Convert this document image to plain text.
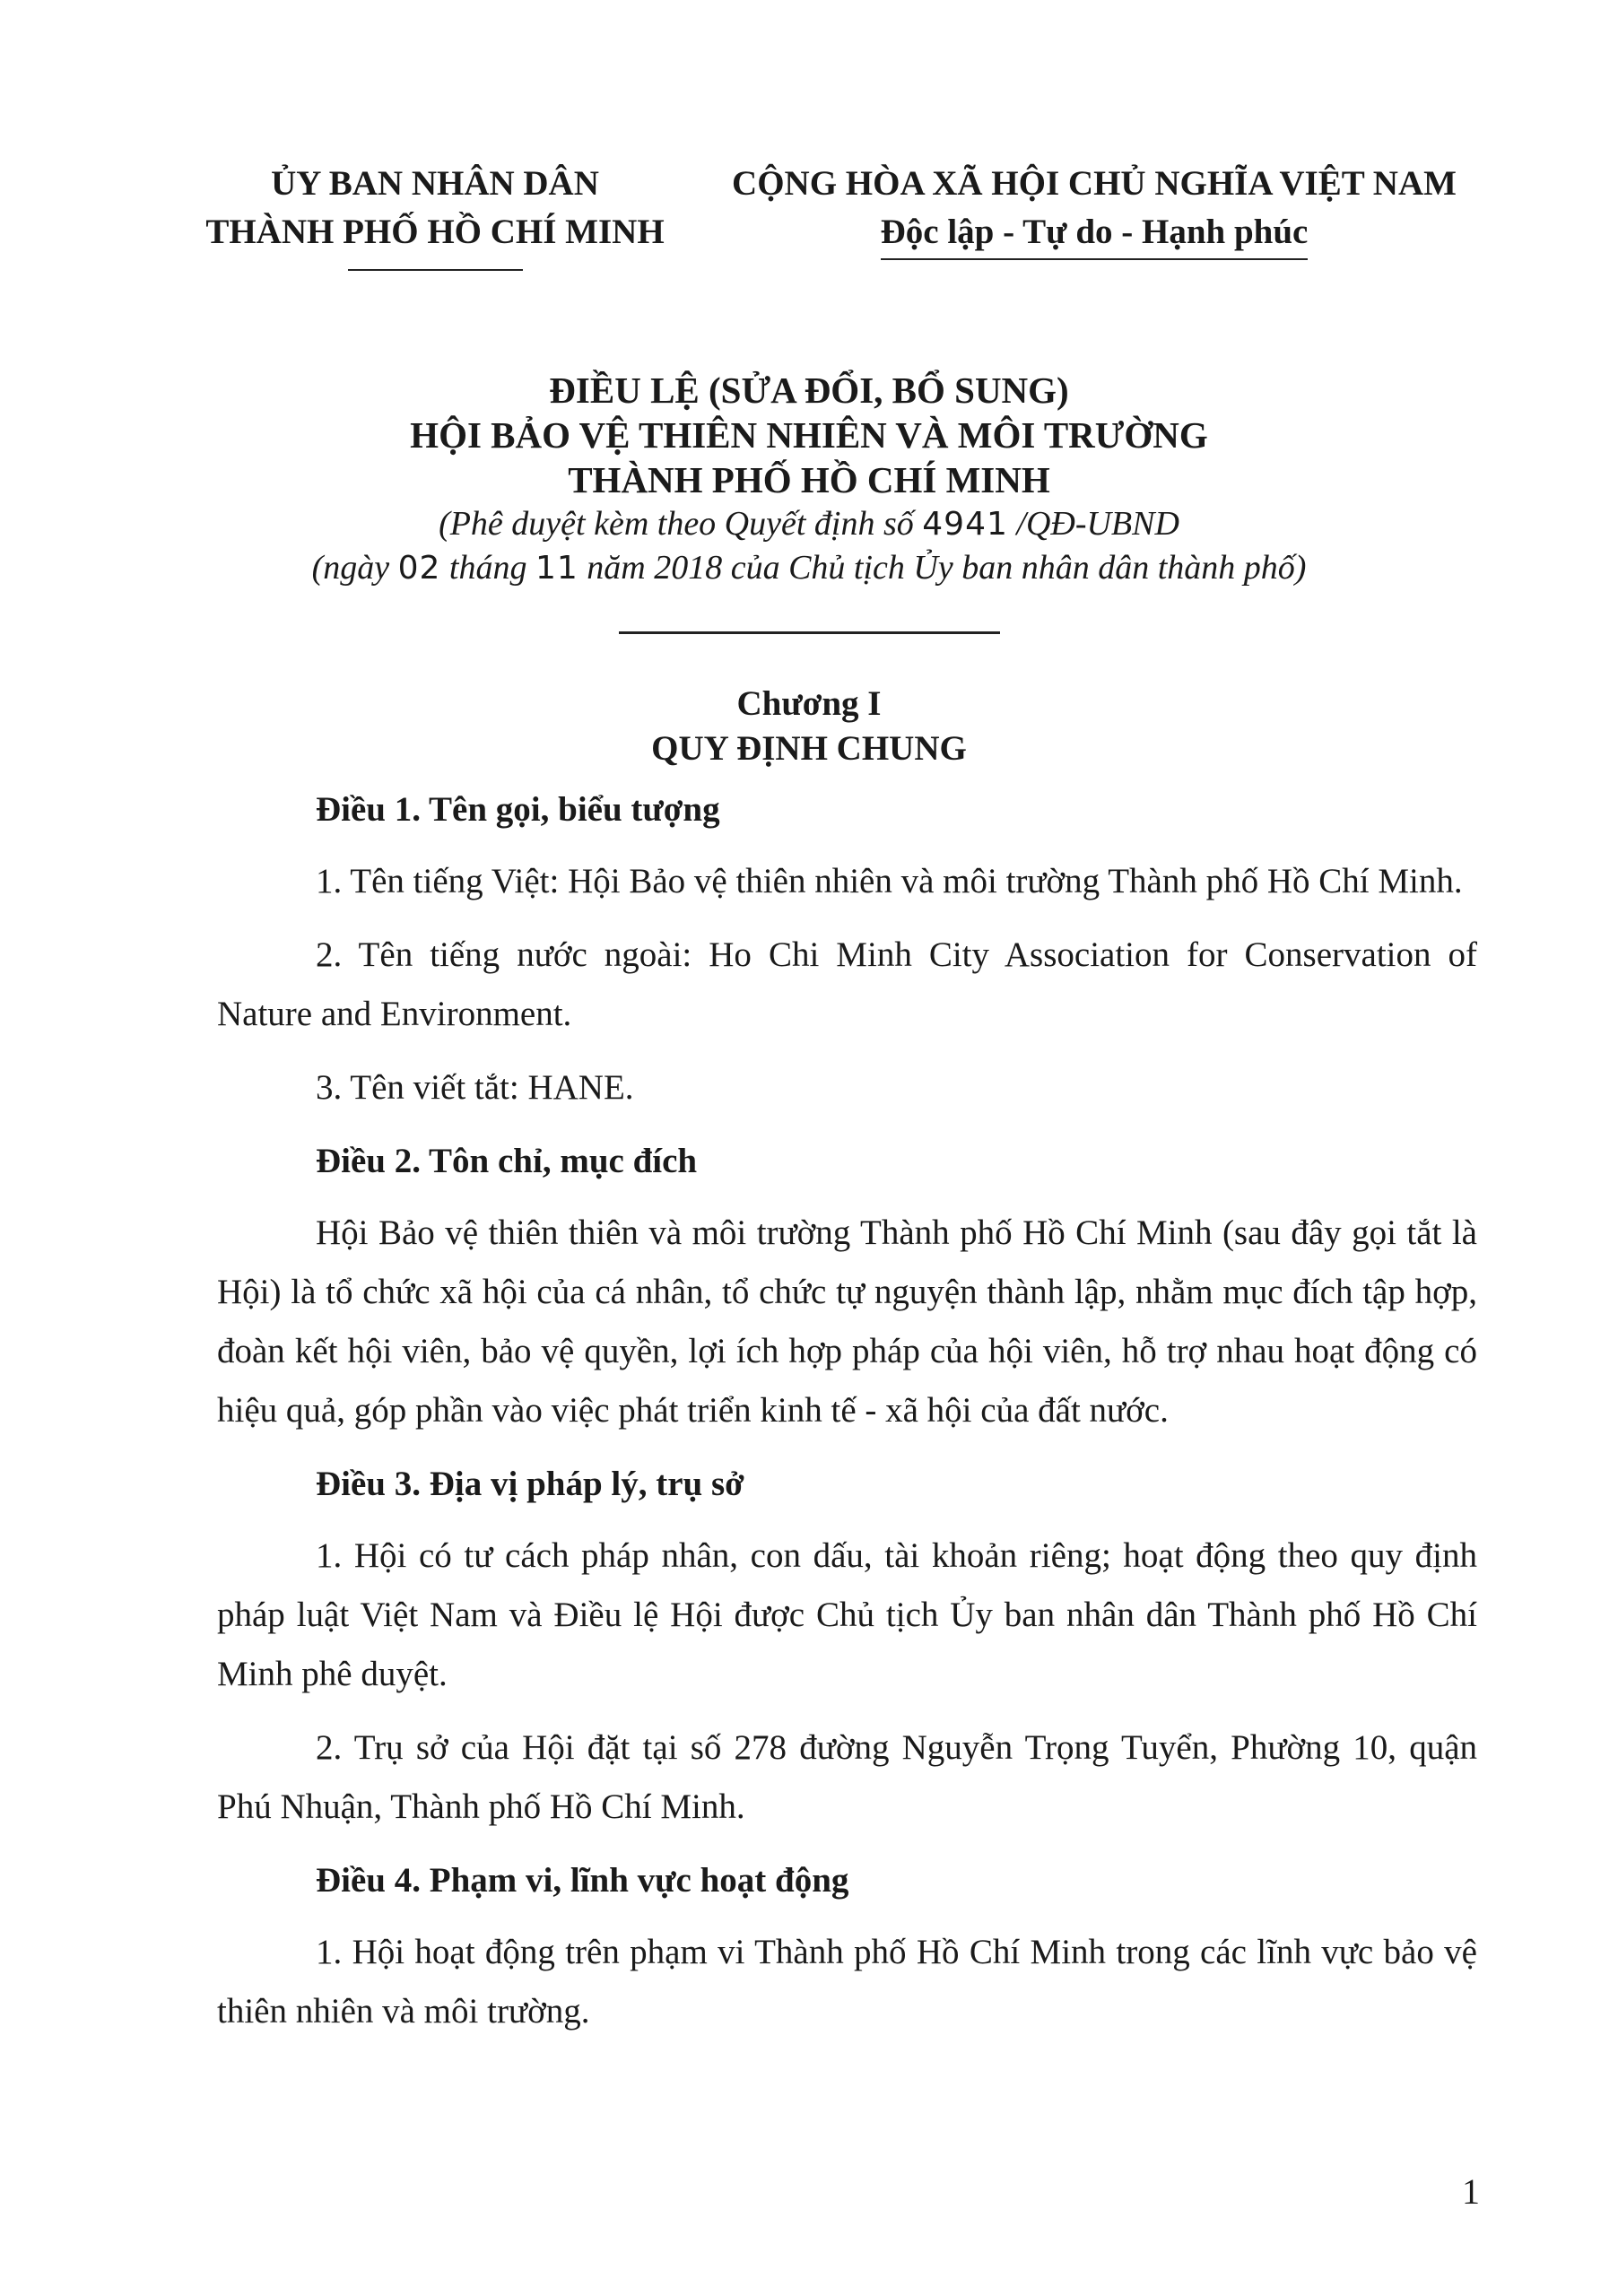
ỦY BAN NHÂN DÂN
THÀNH PHỐ HỒ CHÍ MINH
CỘNG HÒA XÃ HỘI CHỦ NGHĨA VIỆT NAM
Độc lập - Tự do - Hạnh phúc
ĐIỀU LỆ (SỬA ĐỔI, BỔ SUNG)
HỘI BẢO VỆ THIÊN NHIÊN VÀ MÔI TRƯỜNG
THÀNH PHỐ HỒ CHÍ MINH
(Phê duyệt kèm theo Quyết định số 4941 /QĐ-UBND
(ngày 02 tháng 11 năm 2018 của Chủ tịch Ủy ban nhân dân thành phố)
Chương I
QUY ĐỊNH CHUNG
Điều 1. Tên gọi, biểu tượng

1. Tên tiếng Việt: Hội Bảo vệ thiên nhiên và môi trường Thành phố Hồ Chí Minh.

2. Tên tiếng nước ngoài: Ho Chi Minh City Association for Conservation of Nature and Environment.

3. Tên viết tắt: HANE.

Điều 2. Tôn chỉ, mục đích

Hội Bảo vệ thiên thiên và môi trường Thành phố Hồ Chí Minh (sau đây gọi tắt là Hội) là tổ chức xã hội của cá nhân, tổ chức tự nguyện thành lập, nhằm mục đích tập hợp, đoàn kết hội viên, bảo vệ quyền, lợi ích hợp pháp của hội viên, hỗ trợ nhau hoạt động có hiệu quả, góp phần vào việc phát triển kinh tế - xã hội của đất nước.

Điều 3. Địa vị pháp lý, trụ sở

1. Hội có tư cách pháp nhân, con dấu, tài khoản riêng; hoạt động theo quy định pháp luật Việt Nam và Điều lệ Hội được Chủ tịch Ủy ban nhân dân Thành phố Hồ Chí Minh phê duyệt.

2. Trụ sở của Hội đặt tại số 278 đường Nguyễn Trọng Tuyển, Phường 10, quận Phú Nhuận, Thành phố Hồ Chí Minh.

Điều 4. Phạm vi, lĩnh vực hoạt động

1. Hội hoạt động trên phạm vi Thành phố Hồ Chí Minh trong các lĩnh vực bảo vệ thiên nhiên và môi trường.

1
